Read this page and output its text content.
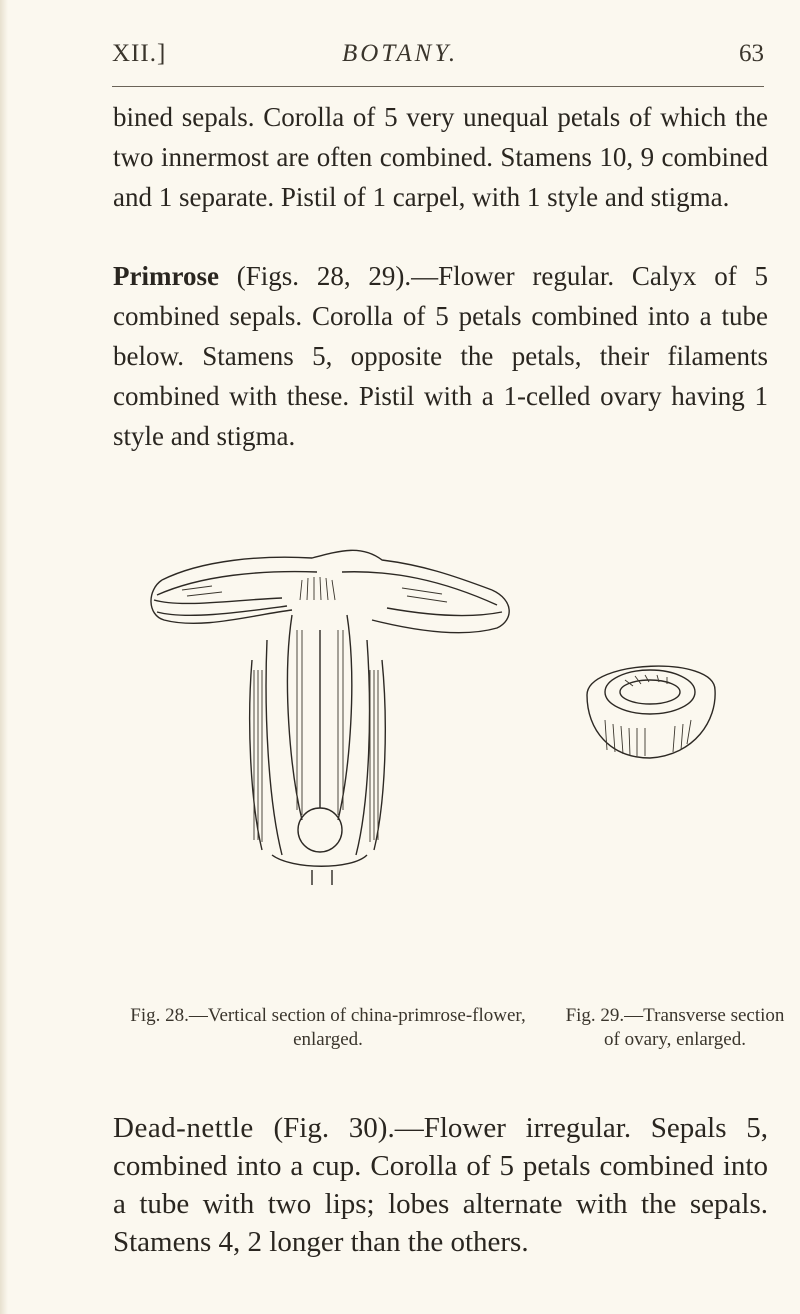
XII.]	BOTANY.	63

bined sepals. Corolla of 5 very unequal petals of which the two innermost are often combined. Stamens 10, 9 combined and 1 separate. Pistil of 1 carpel, with 1 style and stigma.

Primrose (Figs. 28, 29).—Flower regular. Calyx of 5 combined sepals. Corolla of 5 petals combined into a tube below. Stamens 5, opposite the petals, their filaments combined with these. Pistil with a 1-celled ovary having 1 style and stigma.

Fig. 28.—Vertical section of china-primrose-flower, enlarged.
Fig. 29.—Transverse section of ovary, enlarged.

Dead-nettle (Fig. 30).—Flower irregular. Sepals 5, combined into a cup. Corolla of 5 petals combined into a tube with two lips; lobes alternate with the sepals. Stamens 4, 2 longer than the others.
